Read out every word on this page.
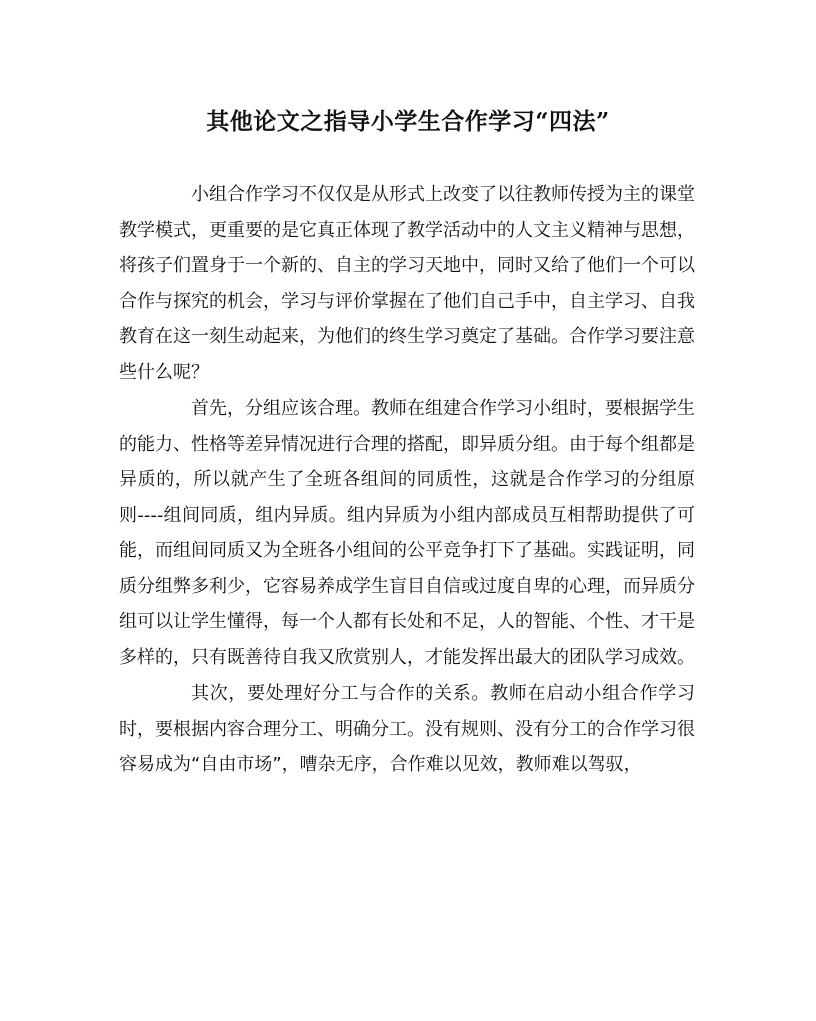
其他论文之指导小学生合作学习“四法”

小组合作学习不仅仅是从形式上改变了以往教师传授为主的课堂教学模式，更重要的是它真正体现了教学活动中的人文主义精神与思想，将孩子们置身于一个新的、自主的学习天地中，同时又给了他们一个可以合作与探究的机会，学习与评价掌握在了他们自己手中，自主学习、自我教育在这一刻生动起来，为他们的终生学习奠定了基础。合作学习要注意些什么呢？

首先，分组应该合理。教师在组建合作学习小组时，要根据学生的能力、性格等差异情况进行合理的搭配，即异质分组。由于每个组都是异质的，所以就产生了全班各组间的同质性，这就是合作学习的分组原则----组间同质，组内异质。组内异质为小组内部成员互相帮助提供了可能，而组间同质又为全班各小组间的公平竞争打下了基础。实践证明，同质分组弊多利少，它容易养成学生盲目自信或过度自卑的心理，而异质分组可以让学生懂得，每一个人都有长处和不足，人的智能、个性、才干是多样的，只有既善待自我又欣赏别人，才能发挥出最大的团队学习成效。

其次，要处理好分工与合作的关系。教师在启动小组合作学习时，要根据内容合理分工、明确分工。没有规则、没有分工的合作学习很容易成为“自由市场”，嘈杂无序，合作难以见效，教师难以驾驭，
